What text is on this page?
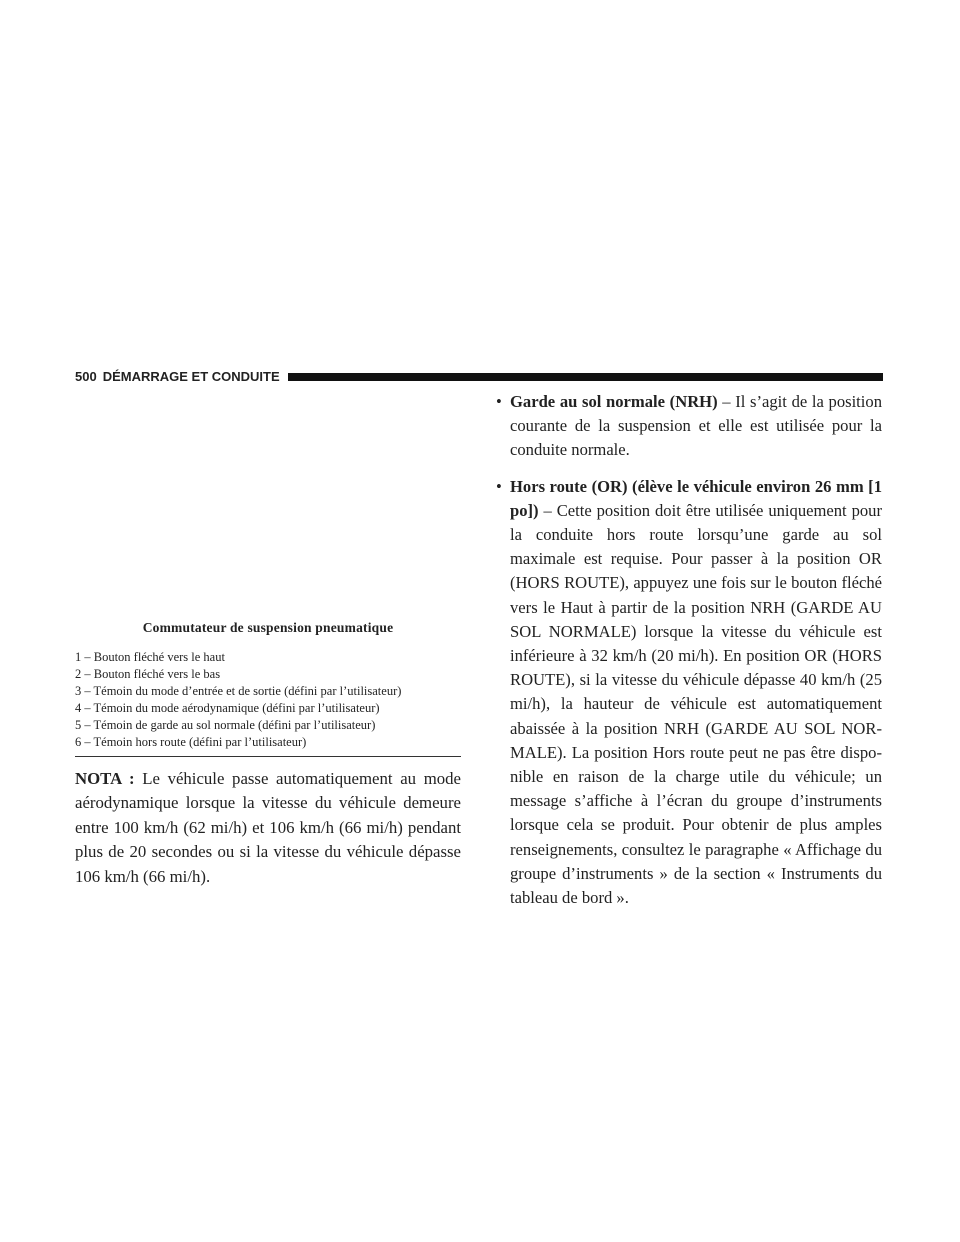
500 DÉMARRAGE ET CONDUITE

Commutateur de suspension pneumatique

1 – Bouton fléché vers le haut
2 – Bouton fléché vers le bas
3 – Témoin du mode d’entrée et de sortie (défini par l’utilisateur)
4 – Témoin du mode aérodynamique (défini par l’utilisateur)
5 – Témoin de garde au sol normale (défini par l’utilisateur)
6 – Témoin hors route (défini par l’utilisateur)

NOTA : Le véhicule passe automatiquement au mode aérodynamique lorsque la vitesse du véhicule demeure entre 100 km/h (62 mi/h) et 106 km/h (66 mi/h) pendant plus de 20 secondes ou si la vitesse du véhicule dépasse 106 km/h (66 mi/h).

• Garde au sol normale (NRH) – Il s’agit de la position courante de la suspension et elle est utilisée pour la conduite normale.
• Hors route (OR) (élève le véhicule environ 26 mm [1 po]) – Cette position doit être utilisée uniquement pour la conduite hors route lorsqu’une garde au sol maximale est requise. Pour passer à la position OR (HORS ROUTE), appuyez une fois sur le bouton fléché vers le Haut à partir de la position NRH (GARDE AU SOL NORMALE) lorsque la vitesse du véhicule est inférieure à 32 km/h (20 mi/h). En position OR (HORS ROUTE), si la vitesse du véhicule dépasse 40 km/h (25 mi/h), la hauteur de véhicule est automatiquement abaissée à la position NRH (GARDE AU SOL NOR-MALE). La position Hors route peut ne pas être dispo-nible en raison de la charge utile du véhicule; un message s’affiche à l’écran du groupe d’instruments lorsque cela se produit. Pour obtenir de plus amples renseignements, consultez le paragraphe « Affichage du groupe d’instruments » de la section « Instruments du tableau de bord ».
